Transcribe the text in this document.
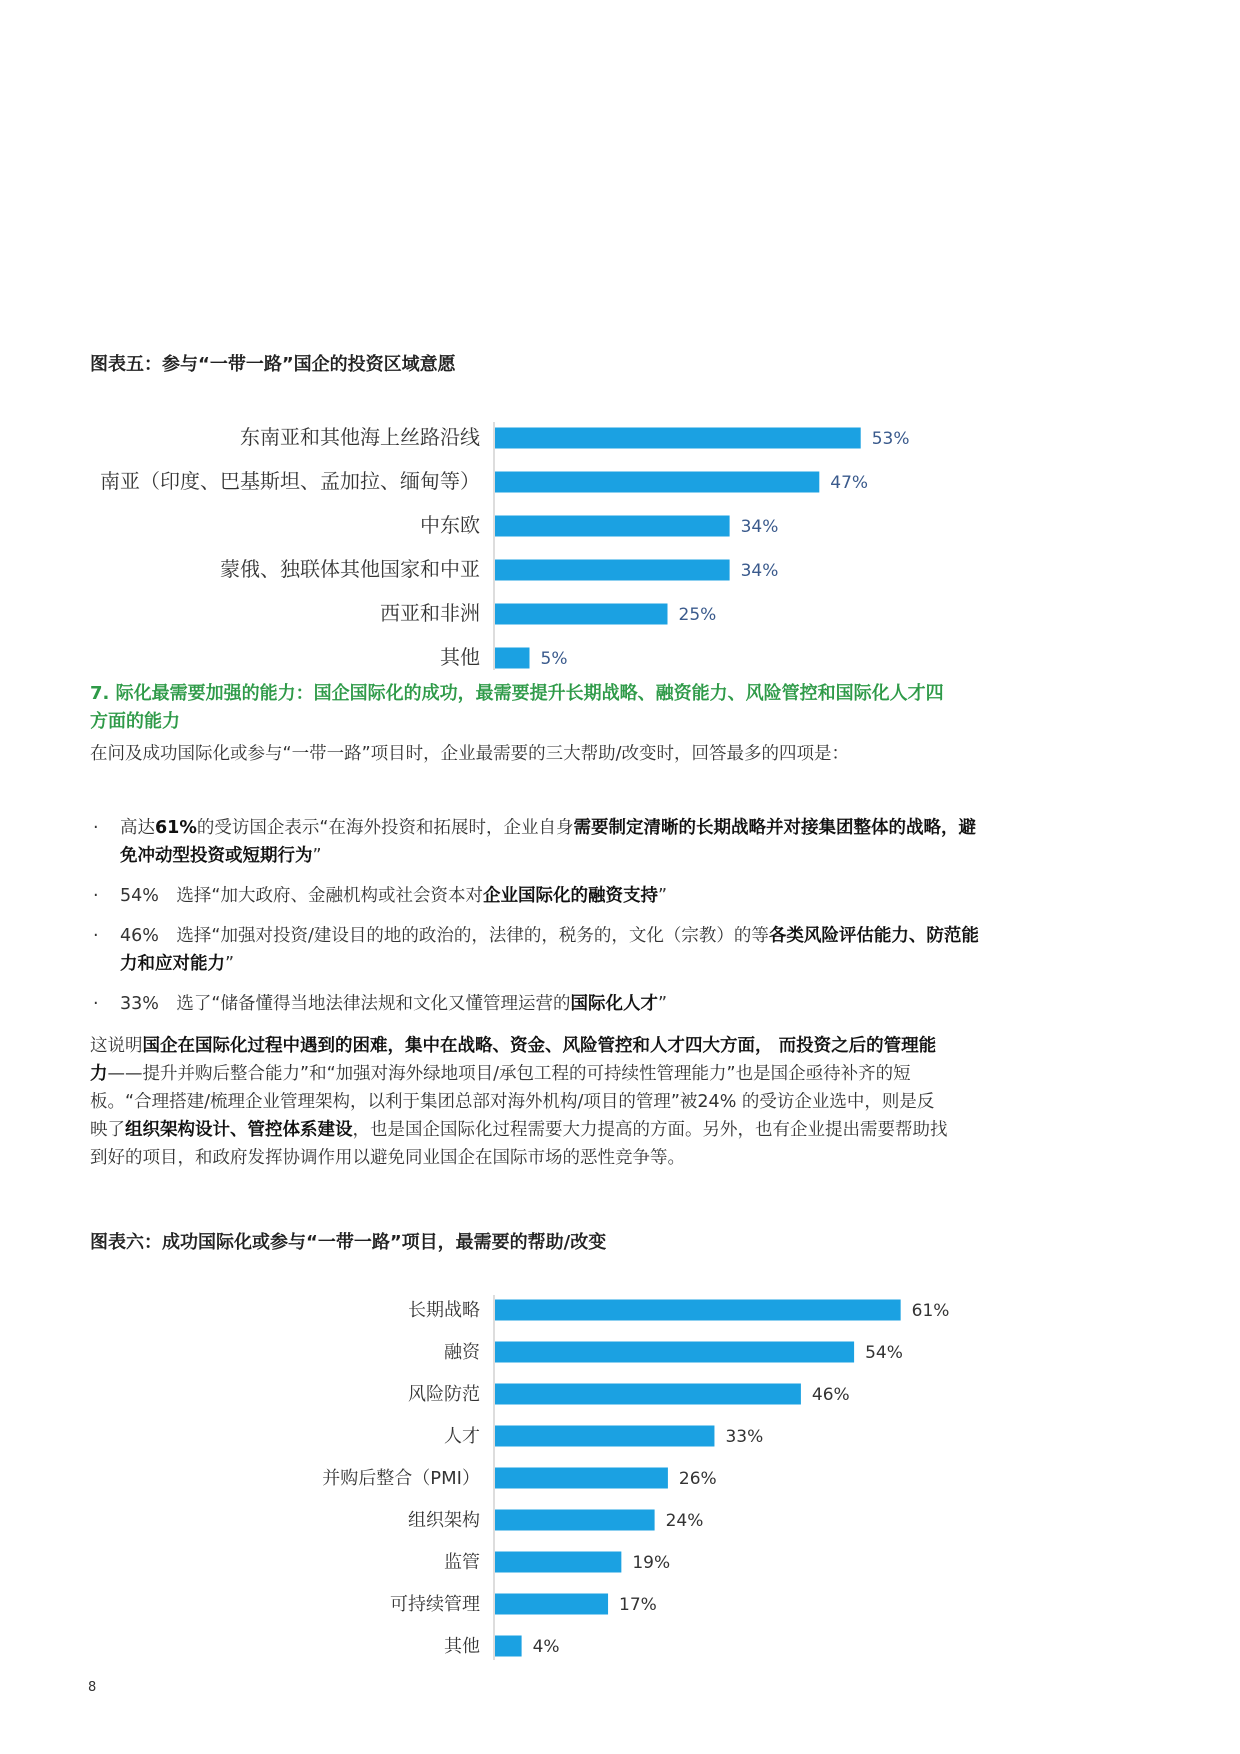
图表五：参与“一带一路”国企的投资区域意愿
东南亚和其他海上丝路沿线	53%
南亚（印度、巴基斯坦、孟加拉、缅甸等）	47%
中东欧	34%
蒙俄、独联体其他国家和中亚	34%
西亚和非洲	25%
其他	5%
7. 际化最需要加强的能力：国企国际化的成功，最需要提升长期战略、融资能力、风险管控和国际化人才四方面的能力
在问及成功国际化或参与“一带一路”项目时，企业最需要的三大帮助/改变时，回答最多的四项是：
· 高达61%的受访国企表示“在海外投资和拓展时，企业自身需要制定清晰的长期战略并对接集团整体的战略，避免冲动型投资或短期行为”
· 54%　选择“加大政府、金融机构或社会资本对企业国际化的融资支持”
· 46%　选择“加强对投资/建设目的地的政治的，法律的，税务的，文化（宗教）的等各类风险评估能力、防范能力和应对能力”
· 33%　选了“储备懂得当地法律法规和文化又懂管理运营的国际化人才”
这说明国企在国际化过程中遇到的困难，集中在战略、资金、风险管控和人才四大方面， 而投资之后的管理能力——提升并购后整合能力”和“加强对海外绿地项目/承包工程的可持续性管理能力”也是国企亟待补齐的短板。“合理搭建/梳理企业管理架构，以利于集团总部对海外机构/项目的管理”被24% 的受访企业选中，则是反映了组织架构设计、管控体系建设，也是国企国际化过程需要大力提高的方面。另外，也有企业提出需要帮助找到好的项目，和政府发挥协调作用以避免同业国企在国际市场的恶性竞争等。
图表六：成功国际化或参与“一带一路”项目，最需要的帮助/改变
长期战略	61%
融资	54%
风险防范	46%
人才	33%
并购后整合（PMI）	26%
组织架构	24%
监管	19%
可持续管理	17%
其他	4%
8
